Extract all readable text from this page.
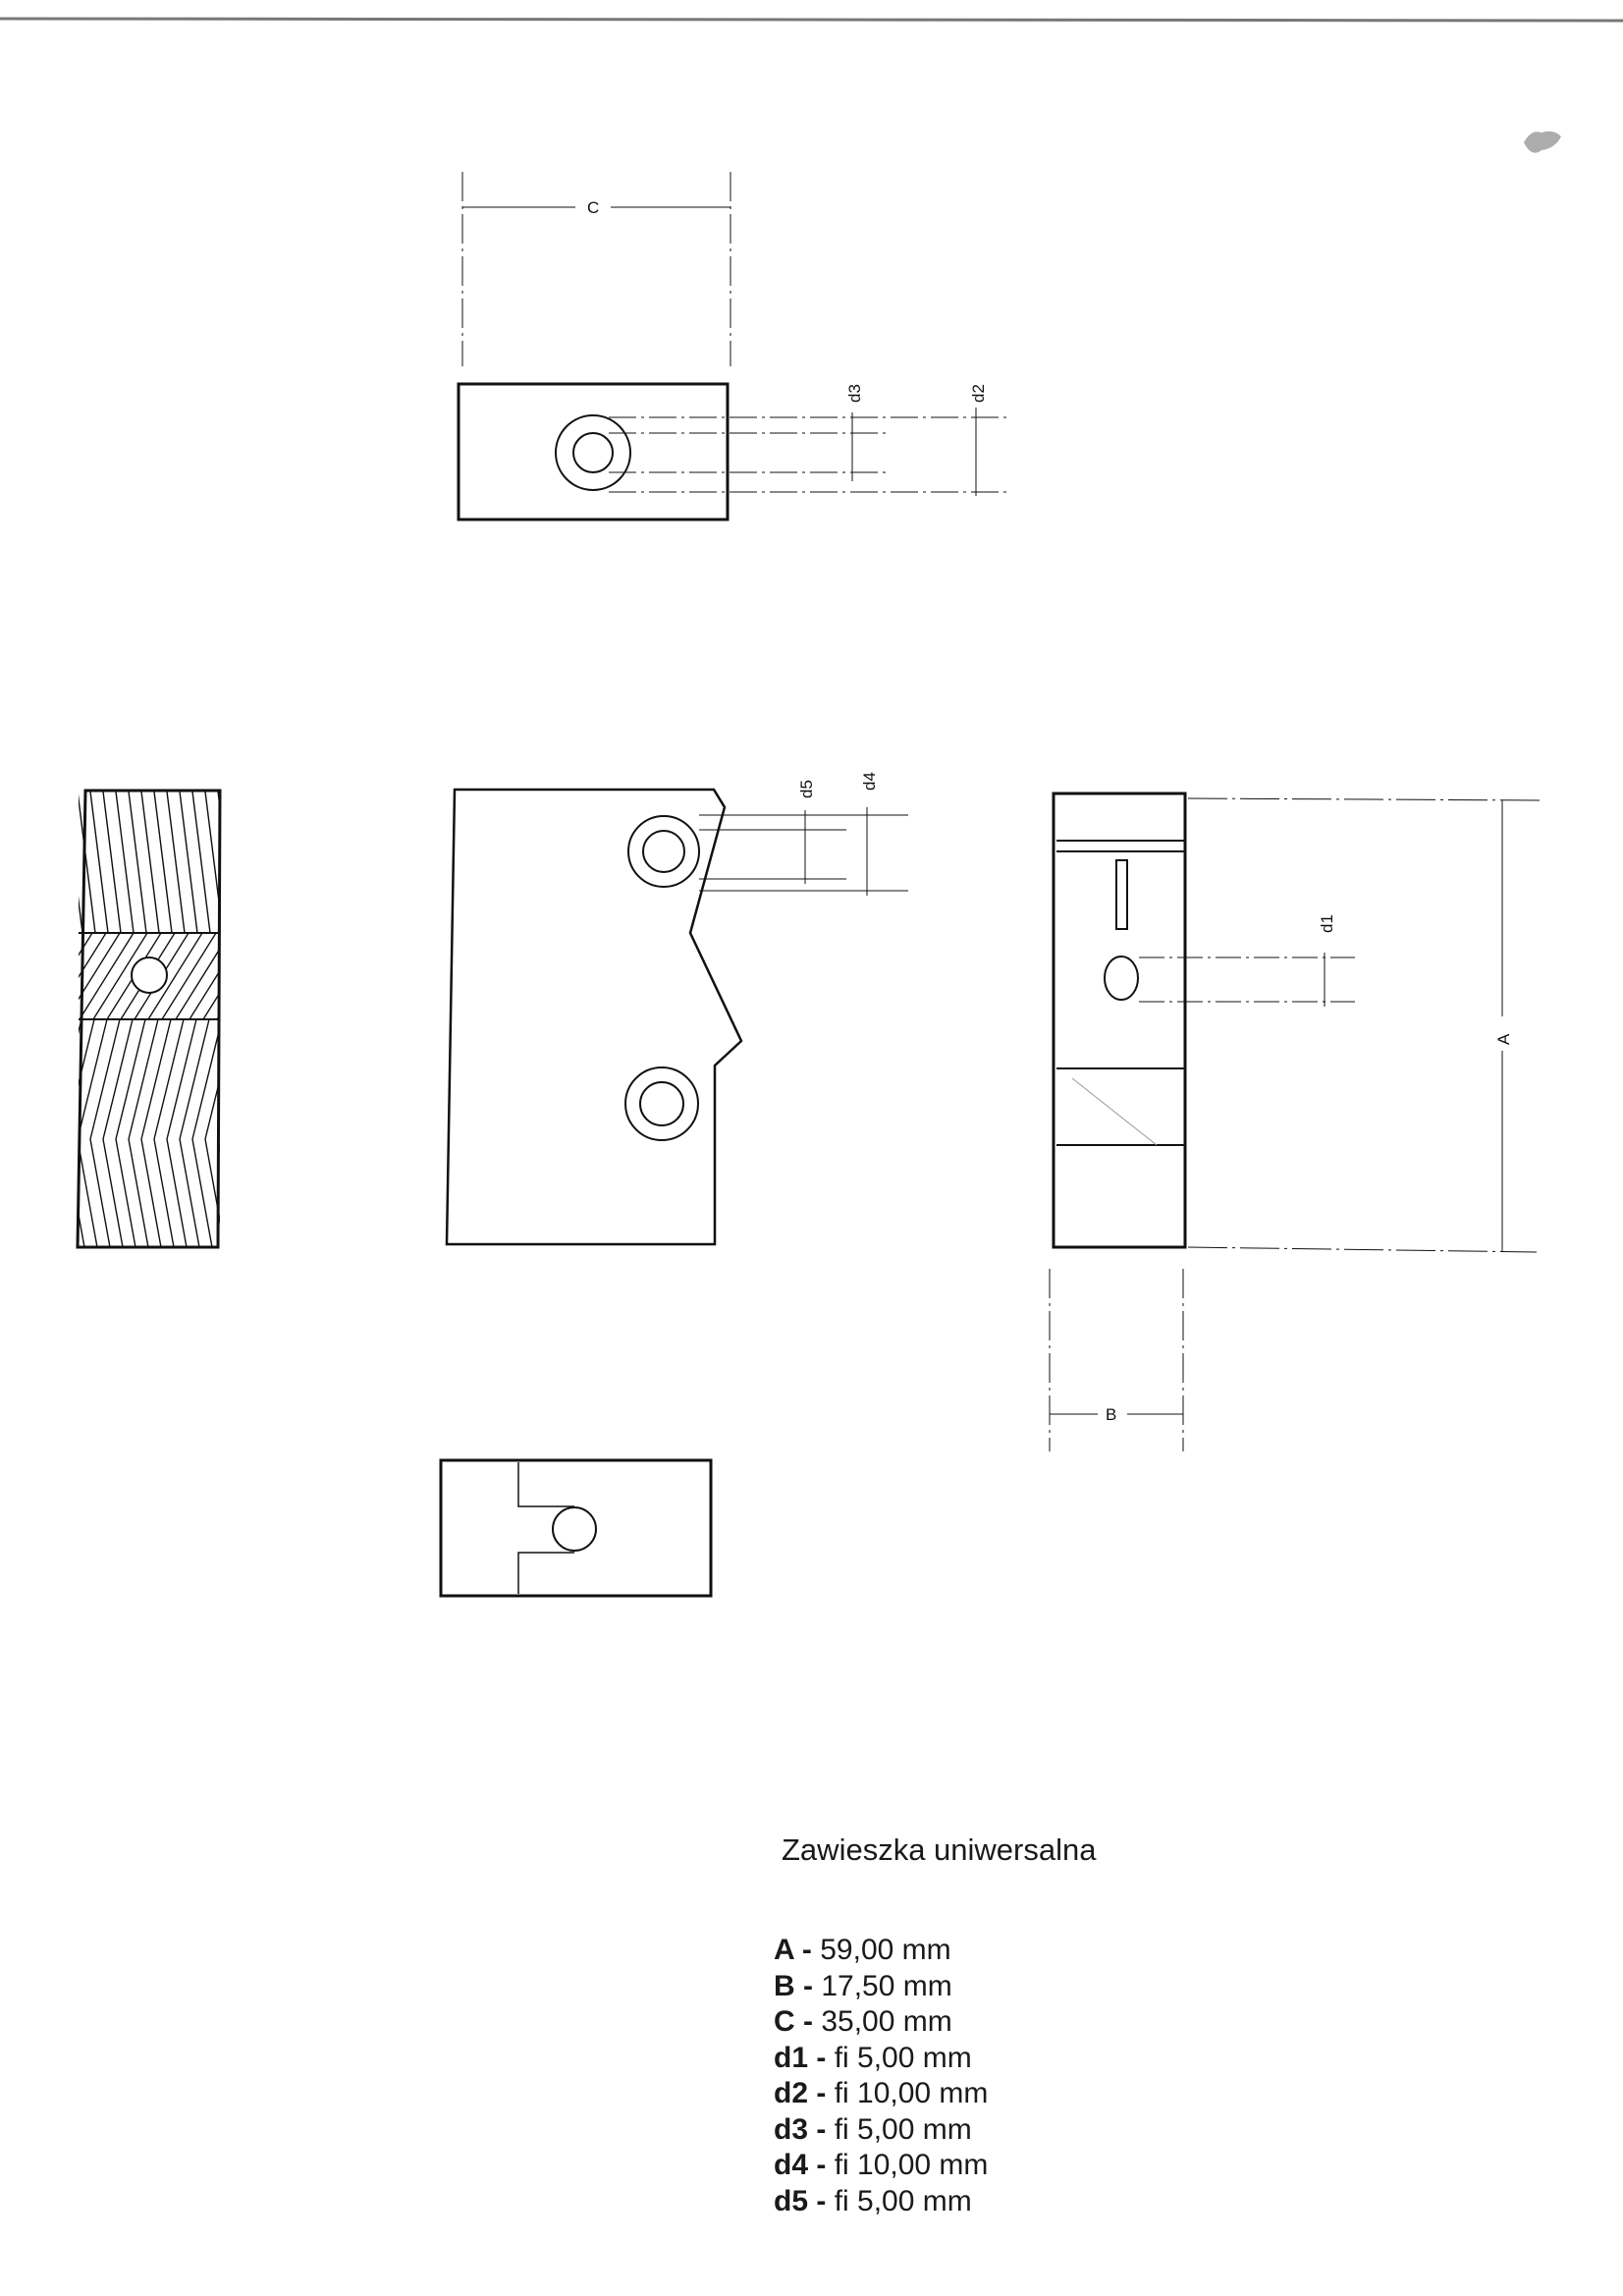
C
d3	d2
d5	d4
d1
A
B
Zawieszka uniwersalna
A - 59,00 mm
B - 17,50 mm
C - 35,00 mm
d1 - fi 5,00 mm
d2 - fi 10,00 mm
d3 - fi 5,00 mm
d4 - fi 10,00 mm
d5 - fi 5,00 mm
